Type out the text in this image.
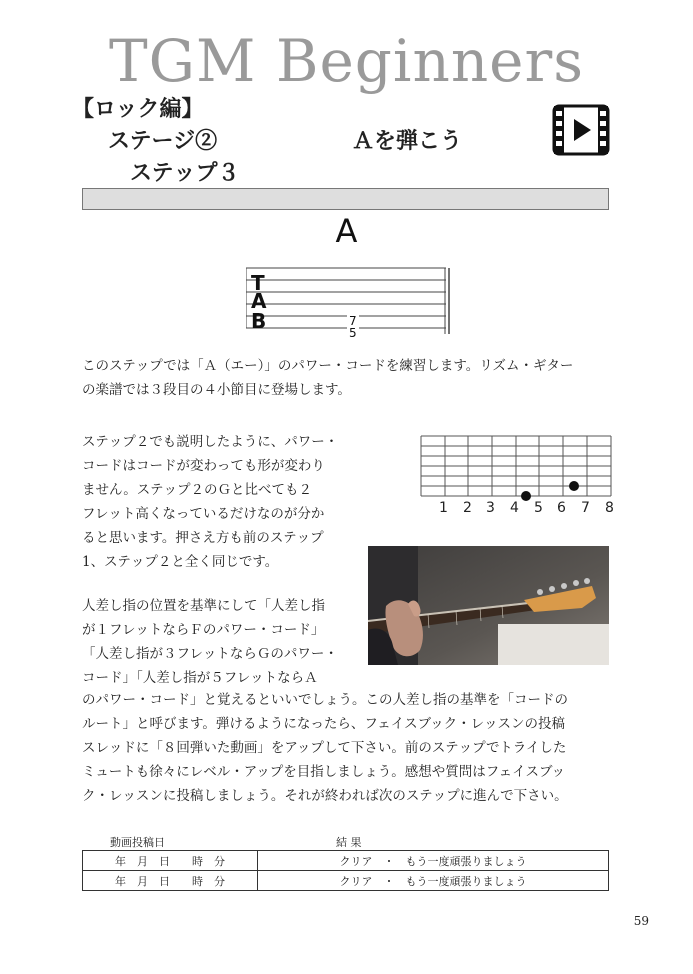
TGM Beginners
【ロック編】
ステージ②
ステップ３
Ａを弾こう
A
T
A
B	7
5
このステップでは「Ａ（エー）」のパワー・コードを練習します。リズム・ギター
の楽譜では３段目の４小節目に登場します。
ステップ２でも説明したように、パワー・
コードはコードが変わっても形が変わり
ません。ステップ２のＧと比べても２
フレット高くなっているだけなのが分か
ると思います。押さえ方も前のステップ
1、ステップ２と全く同じです。
1 2 3 4 5 6 7 8
人差し指の位置を基準にして「人差し指
が１フレットならＦのパワー・コード」
「人差し指が３フレットならＧのパワー・
コード」「人差し指が５フレットならＡ
のパワー・コード」と覚えるといいでしょう。この人差し指の基準を「コードの
ルート」と呼びます。弾けるようになったら、フェイスブック・レッスンの投稿
スレッドに「８回弾いた動画」をアップして下さい。前のステップでトライした
ミュートも徐々にレベル・アップを目指しましょう。感想や質問はフェイスブッ
ク・レッスンに投稿しましょう。それが終われば次のステップに進んで下さい。
動画投稿日	結 果
年　月　日　　時　分	クリア　・　もう一度頑張りましょう
年　月　日　　時　分	クリア　・　もう一度頑張りましょう
59
